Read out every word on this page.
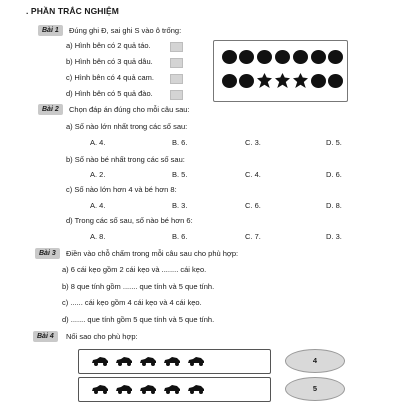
. PHẦN TRẮC NGHIỆM
Bài 1	Đúng ghi Đ, sai ghi S vào ô trống:
a) Hình bên có 2 quả táo.
b) Hình bên có 3 quả dâu.
c) Hình bên có 4 quả cam.
d) Hình bên có 5 quả đào.
Bài 2	Chọn đáp án đúng cho mỗi câu sau:
a) Số nào lớn nhất trong các số sau:
A. 4.	B. 6.	C. 3.	D. 5.
b) Số nào bé nhất trong các số sau:
A. 2.	B. 5.	C. 4.	D. 6.
c) Số nào lớn hơn 4 và bé hơn 8:
A. 4.	B. 3.	C. 6.	D. 8.
d) Trong các số sau, số nào bé hơn 6:
A. 8.	B. 6.	C. 7.	D. 3.
Bài 3	Điền vào chỗ chấm trong mỗi câu sau cho phù hợp:
a) 6 cái kẹo gồm 2 cái kẹo và ........ cái kẹo.
b) 8 que tính gồm ....... que tính và 5 que tính.
c) ...... cái kẹo gồm 4 cái kẹo và 4 cái kẹo.
d) ....... que tính gồm 5 que tính và 5 que tính.
Bài 4	Nối sao cho phù hợp:
4
5
